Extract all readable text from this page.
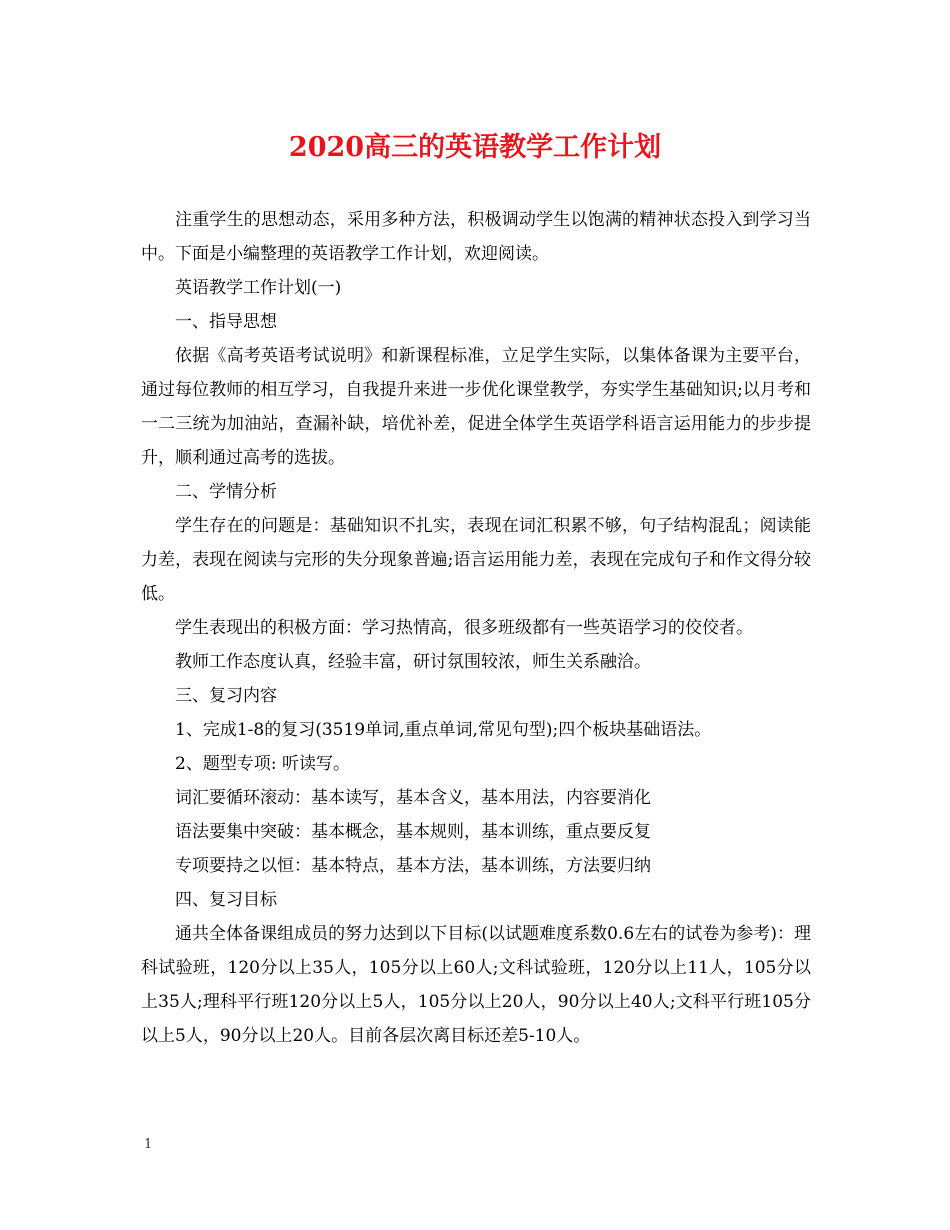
2020高三的英语教学工作计划

注重学生的思想动态，采用多种方法，积极调动学生以饱满的精神状态投入到学习当中。下面是小编整理的英语教学工作计划，欢迎阅读。

英语教学工作计划(一)

一、指导思想

依据《高考英语考试说明》和新课程标准，立足学生实际，以集体备课为主要平台，通过每位教师的相互学习，自我提升来进一步优化课堂教学，夯实学生基础知识;以月考和一二三统为加油站，查漏补缺，培优补差，促进全体学生英语学科语言运用能力的步步提升，顺利通过高考的选拔。

二、学情分析

学生存在的问题是：基础知识不扎实，表现在词汇积累不够，句子结构混乱；阅读能力差，表现在阅读与完形的失分现象普遍;语言运用能力差，表现在完成句子和作文得分较低。

学生表现出的积极方面：学习热情高，很多班级都有一些英语学习的佼佼者。

教师工作态度认真，经验丰富，研讨氛围较浓，师生关系融洽。

三、复习内容

1、完成1-8的复习(3519单词,重点单词,常见句型);四个板块基础语法。

2、题型专项: 听读写。

词汇要循环滚动：基本读写，基本含义，基本用法，内容要消化

语法要集中突破：基本概念，基本规则，基本训练，重点要反复

专项要持之以恒：基本特点，基本方法，基本训练，方法要归纳

四、复习目标

通共全体备课组成员的努力达到以下目标(以试题难度系数0.6左右的试卷为参考)：理科试验班，120分以上35人，105分以上60人;文科试验班，120分以上11人，105分以上35人;理科平行班120分以上5人，105分以上20人，90分以上40人;文科平行班105分以上5人，90分以上20人。目前各层次离目标还差5-10人。

1
